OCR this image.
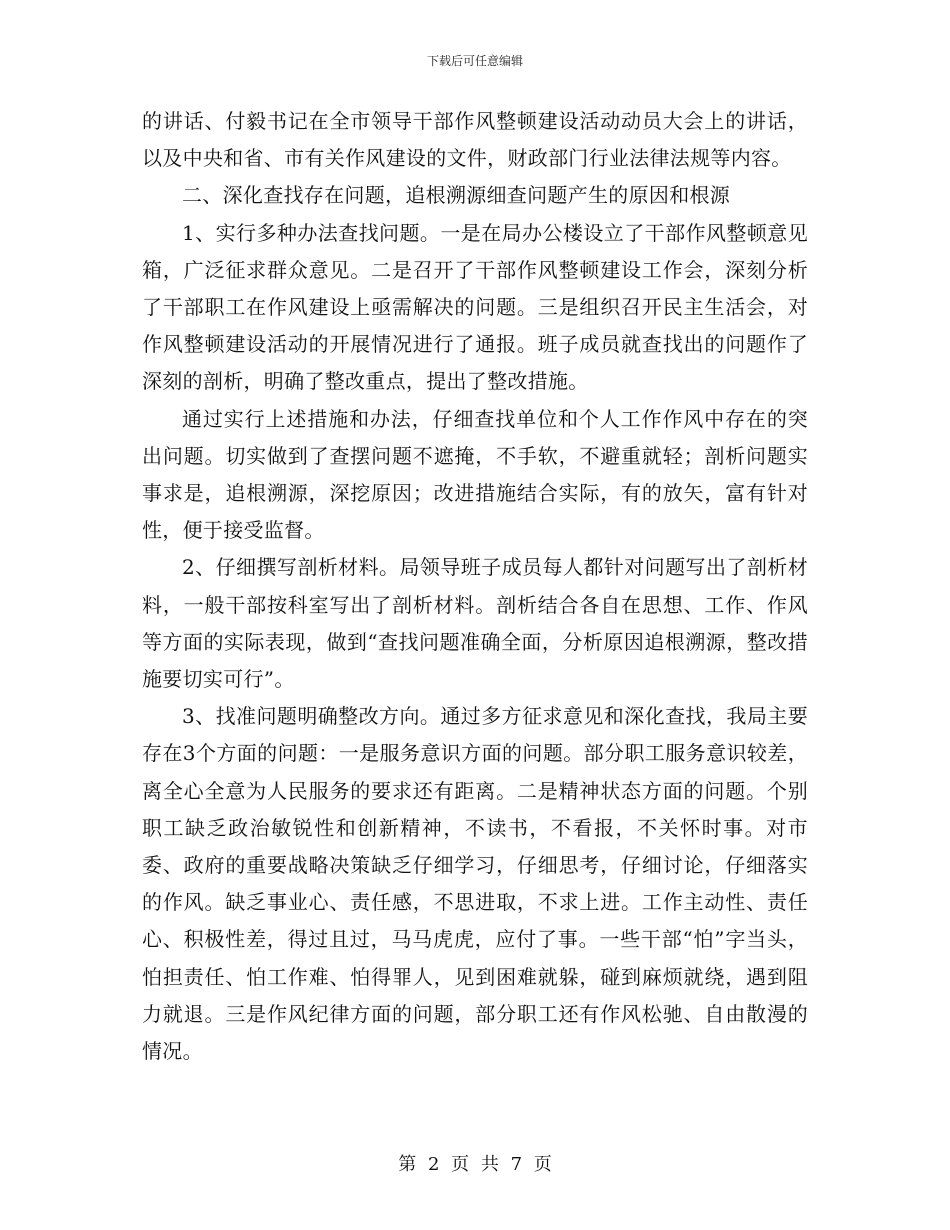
下载后可任意编辑

的讲话、付毅书记在全市领导干部作风整顿建设活动动员大会上的讲话，以及中央和省、市有关作风建设的文件，财政部门行业法律法规等内容。

二、深化查找存在问题，追根溯源细查问题产生的原因和根源

1、实行多种办法查找问题。一是在局办公楼设立了干部作风整顿意见箱，广泛征求群众意见。二是召开了干部作风整顿建设工作会，深刻分析了干部职工在作风建设上亟需解决的问题。三是组织召开民主生活会，对作风整顿建设活动的开展情况进行了通报。班子成员就查找出的问题作了深刻的剖析，明确了整改重点，提出了整改措施。

通过实行上述措施和办法，仔细查找单位和个人工作作风中存在的突出问题。切实做到了查摆问题不遮掩，不手软，不避重就轻；剖析问题实事求是，追根溯源，深挖原因；改进措施结合实际，有的放矢，富有针对性，便于接受监督。

2、仔细撰写剖析材料。局领导班子成员每人都针对问题写出了剖析材料，一般干部按科室写出了剖析材料。剖析结合各自在思想、工作、作风等方面的实际表现，做到“查找问题准确全面，分析原因追根溯源，整改措施要切实可行”。

3、找准问题明确整改方向。通过多方征求意见和深化查找，我局主要存在3个方面的问题：一是服务意识方面的问题。部分职工服务意识较差，离全心全意为人民服务的要求还有距离。二是精神状态方面的问题。个别职工缺乏政治敏锐性和创新精神，不读书，不看报，不关怀时事。对市委、政府的重要战略决策缺乏仔细学习，仔细思考，仔细讨论，仔细落实的作风。缺乏事业心、责任感，不思进取，不求上进。工作主动性、责任心、积极性差，得过且过，马马虎虎，应付了事。一些干部“怕”字当头，怕担责任、怕工作难、怕得罪人，见到困难就躲，碰到麻烦就绕，遇到阻力就退。三是作风纪律方面的问题，部分职工还有作风松驰、自由散漫的情况。

第 2 页 共 7 页
